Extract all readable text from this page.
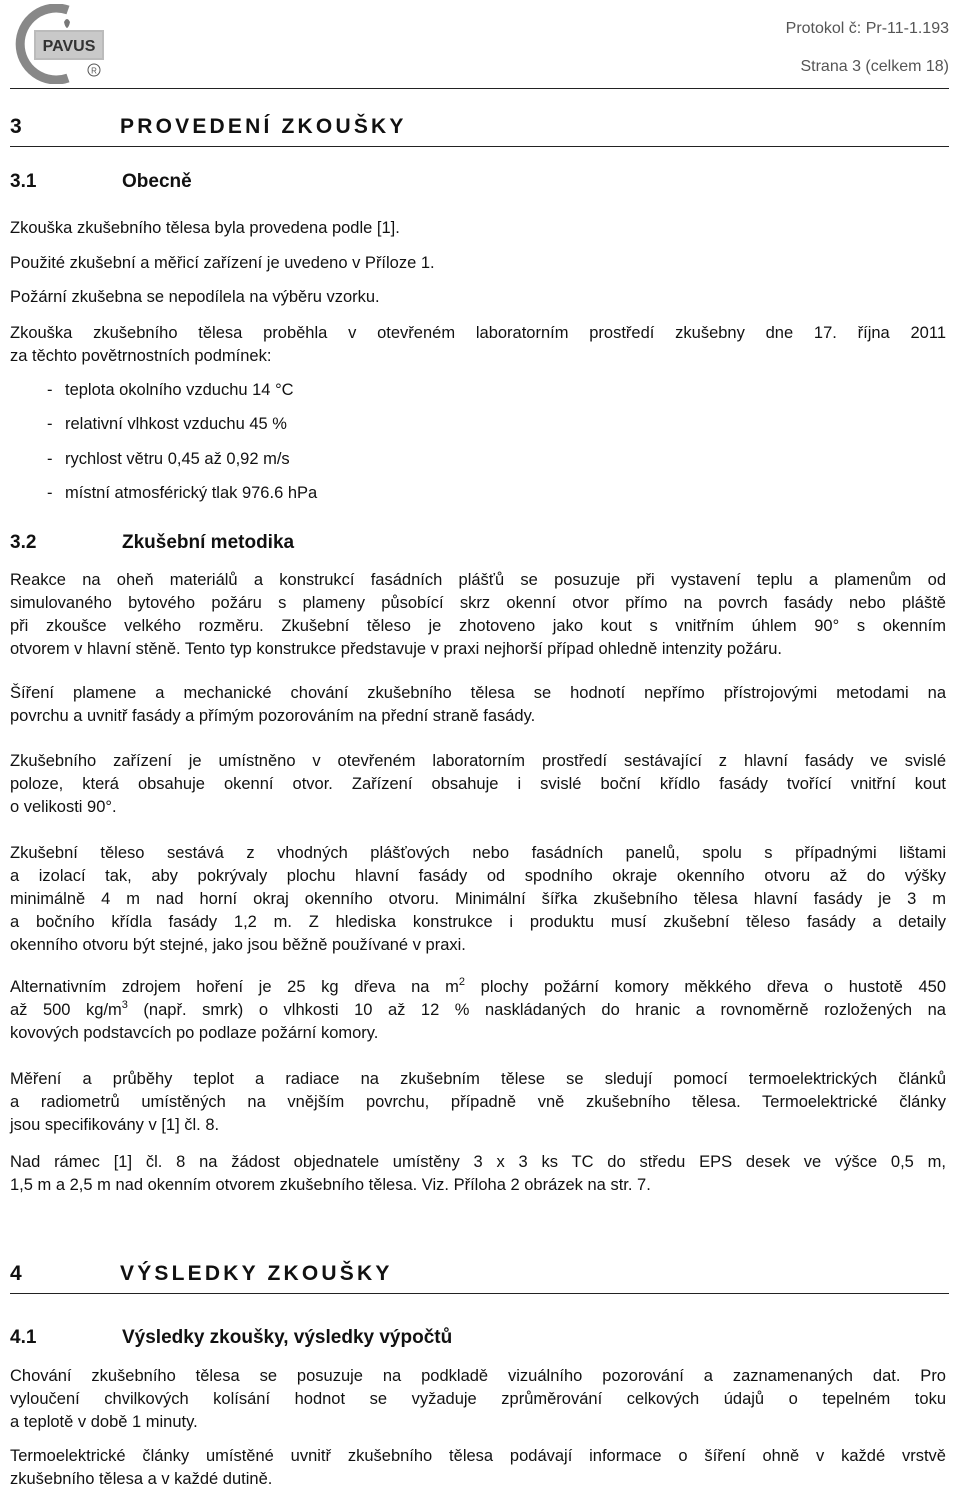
PAVUS
R
Protokol č: Pr-11-1.193
Strana 3 (celkem 18)
3	PROVEDENÍ ZKOUŠKY
3.1	Obecně
Zkouška zkušebního tělesa byla provedena podle [1].
Použité zkušební a měřicí zařízení je uvedeno v Příloze 1.
Požární zkušebna se nepodílela na výběru vzorku.
Zkouška zkušebního tělesa proběhla v otevřeném laboratorním prostředí zkušebny dne 17. října 2011
za těchto povětrnostních podmínek:
- teplota okolního vzduchu 14 °C
- relativní vlhkost vzduchu 45 %
- rychlost větru 0,45 až 0,92 m/s
- místní atmosférický tlak 976.6 hPa
3.2	Zkušební metodika
Reakce na oheň materiálů a konstrukcí fasádních plášťů se posuzuje při vystavení teplu a plamenům od
simulovaného bytového požáru s plameny působící skrz okenní otvor přímo na povrch fasády nebo pláště
při zkoušce velkého rozměru. Zkušební těleso je zhotoveno jako kout s vnitřním úhlem 90° s okenním
otvorem v hlavní stěně. Tento typ konstrukce představuje v praxi nejhorší případ ohledně intenzity požáru.
Šíření plamene a mechanické chování zkušebního tělesa se hodnotí nepřímo přístrojovými metodami na
povrchu a uvnitř fasády a přímým pozorováním na přední straně fasády.
Zkušebního zařízení je umístněno v otevřeném laboratorním prostředí sestávající z hlavní fasády ve svislé
poloze, která obsahuje okenní otvor. Zařízení obsahuje i svislé boční křídlo fasády tvořící vnitřní kout
o velikosti 90°.
Zkušební těleso sestává z vhodných plášťových nebo fasádních panelů, spolu s případnými lištami
a izolací tak, aby pokrývaly plochu hlavní fasády od spodního okraje okenního otvoru až do výšky
minimálně 4 m nad horní okraj okenního otvoru. Minimální šířka zkušebního tělesa hlavní fasády je 3 m
a bočního křídla fasády 1,2 m. Z hlediska konstrukce i produktu musí zkušební těleso fasády a detaily
okenního otvoru být stejné, jako jsou běžně používané v praxi.
Alternativním zdrojem hoření je 25 kg dřeva na $m^2$ plochy požární komory měkkého dřeva o hustotě 450
až 500 $kg/m^3$ (např. smrk) o vlhkosti 10 až 12 % naskládaných do hranic a rovnoměrně rozložených na
kovových podstavcích po podlaze požární komory.
Měření a průběhy teplot a radiace na zkušebním tělese se sledují pomocí termoelektrických článků
a radiometrů umístěných na vnějším povrchu, případně vně zkušebního tělesa. Termoelektrické články
jsou specifikovány v [1] čl. 8.
Nad rámec [1] čl. 8 na žádost objednatele umístěny 3 x 3 ks TC do středu EPS desek ve výšce 0,5 m,
1,5 m a 2,5 m nad okenním otvorem zkušebního tělesa. Viz. Příloha 2 obrázek na str. 7.
4	VÝSLEDKY ZKOUŠKY
4.1	Výsledky zkoušky, výsledky výpočtů
Chování zkušebního tělesa se posuzuje na podkladě vizuálního pozorování a zaznamenaných dat. Pro
vyloučení chvilkových kolísání hodnot se vyžaduje zprůměrování celkových údajů o tepelném toku
a teplotě v době 1 minuty.
Termoelektrické články umístěné uvnitř zkušebního tělesa podávají informace o šíření ohně v každé vrstvě
zkušebního tělesa a v každé dutině.
